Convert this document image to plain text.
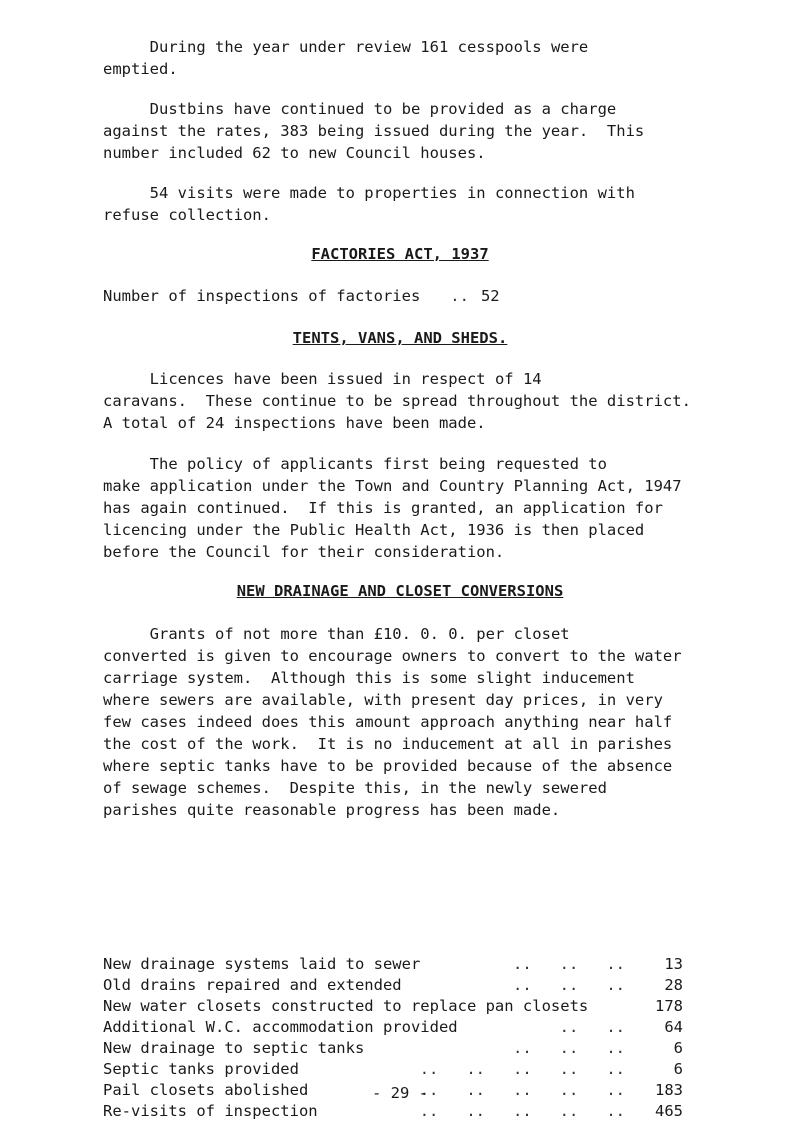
During the year under review 161 cesspools were
emptied.

Dustbins have continued to be provided as a charge
against the rates, 383 being issued during the year.  This
number included 62 to new Council houses.

54 visits were made to properties in connection with
refuse collection.

FACTORIES ACT, 1937

Number of inspections of factories	.. 52

TENTS, VANS, AND SHEDS.

Licences have been issued in respect of 14
caravans.  These continue to be spread throughout the district.
A total of 24 inspections have been made.

The policy of applicants first being requested to
make application under the Town and Country Planning Act, 1947
has again continued.  If this is granted, an application for
licencing under the Public Health Act, 1936 is then placed
before the Council for their consideration.

NEW DRAINAGE AND CLOSET CONVERSIONS

Grants of not more than £10. 0. 0. per closet
converted is given to encourage owners to convert to the water
carriage system.  Although this is some slight inducement
where sewers are available, with present day prices, in very
few cases indeed does this amount approach anything near half
the cost of the work.  It is no inducement at all in parishes
where septic tanks have to be provided because of the absence
of sewage schemes.  Despite this, in the newly sewered
parishes quite reasonable progress has been made.

New drainage systems laid to sewer	..   ..   ..	13
Old drains repaired and extended	..   ..   ..	28
New water closets constructed to replace pan closets	178
Additional W.C. accommodation provided	..   ..	64
New drainage to septic tanks	..   ..   ..	6
Septic tanks provided	..   ..   ..   ..   ..	6
Pail closets abolished	..   ..   ..   ..   ..	183
Re-visits of inspection	..   ..   ..   ..   ..	465

- 29 -
